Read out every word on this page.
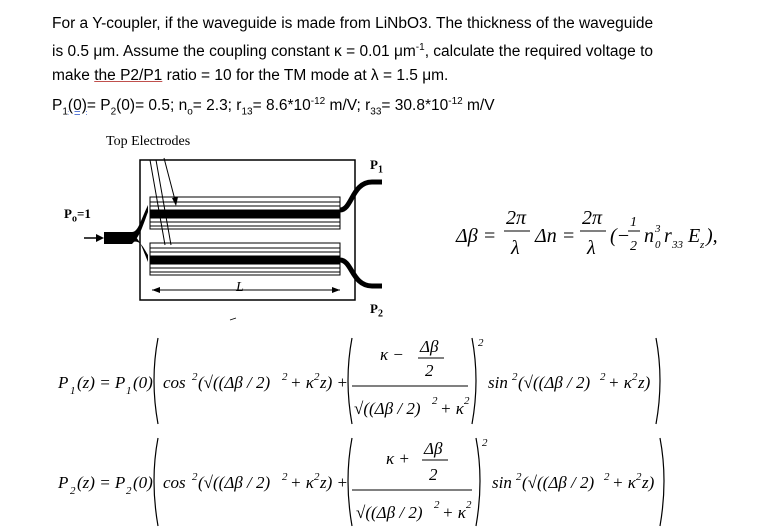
For a Y-coupler, if the waveguide is made from LiNbO3. The thickness of the waveguide

is 0.5 μm. Assume the coupling constant κ = 0.01 $\mu m^{-1}$, calculate the required voltage to

make the P2/P1 ratio = 10 for the TM mode at λ = 1.5 μm.

$P_1(0)= P_2(0)= 0.5$; $n_o= 2.3$; $r_{13}= 8.6*10^{-12}$ m/V; $r_{33}= 30.8*10^{-12}$ m/V
Top Electrodes
$P_o=1$
$P_1$
$P_2$
L
Δβ =
2π
λ
Δn =
2π
λ
(−
1
2 n 3
0 r 33 E z ),
P 1 (z) = P 1 (0) cos 2 (√((Δβ / 2) 2 + κ 2 z) +
κ − Δβ
2
√((Δβ / 2) 2 + κ 2
2
sin 2 (√((Δβ / 2) 2 + κ 2 z)
P 2 (z) = P 2 (0) cos 2 (√((Δβ / 2) 2 + κ 2 z) +
κ +
Δβ
2
√((Δβ / 2) 2 + κ 2
2
sin 2 (√((Δβ / 2) 2 + κ 2 z)
